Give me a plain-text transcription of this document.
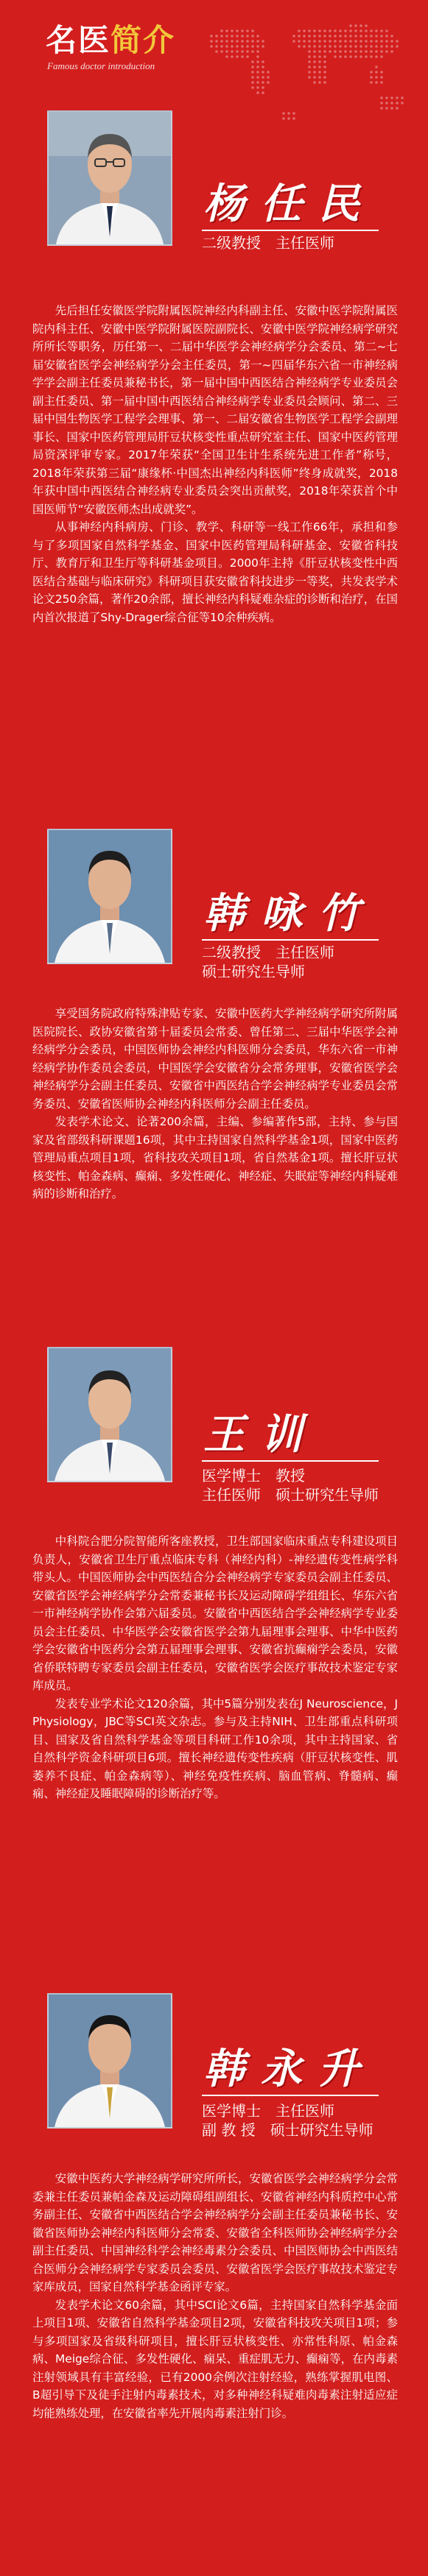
名医简介
Famous doctor introduction
杨任民
二级教授　主任医师

先后担任安徽医学院附属医院神经内科副主任、安徽中医学院附属医院内科主任、安徽中医学院附属医院副院长、安徽中医学院神经病学研究所所长等职务，历任第一、二届中华医学会神经病学分会委员、第二~七届安徽省医学会神经病学分会主任委员，第一~四届华东六省一市神经病学学会副主任委员兼秘书长，第一届中国中西医结合神经病学专业委员会副主任委员、第一届中国中西医结合神经病学专业委员会顾问、第二、三届中国生物医学工程学会理事、第一、二届安徽省生物医学工程学会副理事长、国家中医药管理局肝豆状核变性重点研究室主任、国家中医药管理局资深评审专家。2017年荣获“全国卫生计生系统先进工作者”称号，2018年荣获第三届“康缘杯·中国杰出神经内科医师”终身成就奖，2018年获中国中西医结合神经病专业委员会突出贡献奖，2018年荣获首个中国医师节“安徽医师杰出成就奖”。

从事神经内科病房、门诊、教学、科研等一线工作66年，承担和参与了多项国家自然科学基金、国家中医药管理局科研基金、安徽省科技厅、教育厅和卫生厅等科研基金项目。2000年主持《肝豆状核变性中西医结合基础与临床研究》科研项目获安徽省科技进步一等奖，共发表学术论文250余篇，著作20余部，擅长神经内科疑难杂症的诊断和治疗，在国内首次报道了Shy-Drager综合征等10余种疾病。

韩咏竹
二级教授　主任医师
硕士研究生导师

享受国务院政府特殊津贴专家、安徽中医药大学神经病学研究所附属医院院长、政协安徽省第十届委员会常委、曾任第二、三届中华医学会神经病学分会委员，中国医师协会神经内科医师分会委员，华东六省一市神经病学协作委员会委员，中国医学会安徽省分会常务理事，安徽省医学会神经病学分会副主任委员、安徽省中西医结合学会神经病学专业委员会常务委员、安徽省医师协会神经内科医师分会副主任委员。

发表学术论文、论著200余篇，主编、参编著作5部，主持、参与国家及省部级科研课题16项，其中主持国家自然科学基金1项，国家中医药管理局重点项目1项，省科技攻关项目1项，省自然基金1项。擅长肝豆状核变性、帕金森病、癫痫、多发性硬化、神经症、失眠症等神经内科疑难病的诊断和治疗。

王训
医学博士　教授
主任医师　硕士研究生导师

中科院合肥分院智能所客座教授，卫生部国家临床重点专科建设项目负责人，安徽省卫生厅重点临床专科（神经内科）-神经遗传变性病学科带头人。中国医师协会中西医结合分会神经病学专家委员会副主任委员、安徽省医学会神经病学分会常委兼秘书长及运动障碍学组组长、华东六省一市神经病学协作会第六届委员。安徽省中西医结合学会神经病学专业委员会主任委员、中华医学会安徽省医学会第九届理事会理事、中华中医药学会安徽省中医药分会第五届理事会理事、安徽省抗癫痫学会委员，安徽省侨联特聘专家委员会副主任委员，安徽省医学会医疗事故技术鉴定专家库成员。

发表专业学术论文120余篇，其中5篇分别发表在J Neuroscience，J Physiology，JBC等SCI英文杂志。参与及主持NIH、卫生部重点科研项目、国家及省自然科学基金等项目科研工作10余项，其中主持国家、省自然科学资金科研项目6项。擅长神经遗传变性疾病（肝豆状核变性、肌萎养不良症、帕金森病等）、神经免疫性疾病、脑血管病、脊髓病、癫痫、神经症及睡眠障碍的诊断治疗等。

韩永升
医学博士　主任医师
副 教 授　硕士研究生导师

安徽中医药大学神经病学研究所所长，安徽省医学会神经病学分会常委兼主任委员兼帕金森及运动障碍组副组长、安徽省神经内科质控中心常务副主任、安徽省中西医结合学会神经病学分会副主任委员兼秘书长、安徽省医师协会神经内科医师分会常委、安徽省全科医师协会神经病学分会副主任委员、中国神经科学会神经毒素分会委员、中国医师协会中西医结合医师分会神经病学专家委员会委员、安徽省医学会医疗事故技术鉴定专家库成员，国家自然科学基金函评专家。

发表学术论文60余篇，其中SCI论文6篇，主持国家自然科学基金面上项目1项、安徽省自然科学基金项目2项，安徽省科技攻关项目1项；参与多项国家及省级科研项目，擅长肝豆状核变性、亦常性科原、帕金森病、Meige综合征、多发性硬化、痫呆、重症肌无力、癫痫等，在内毒素注射领域具有丰富经验，已有2000余例次注射经验，熟练掌握肌电图、B超引导下及徒手注射内毒素技术，对多种神经科疑难肉毒素注射适应症均能熟练处理，在安徽省率先开展肉毒素注射门诊。
